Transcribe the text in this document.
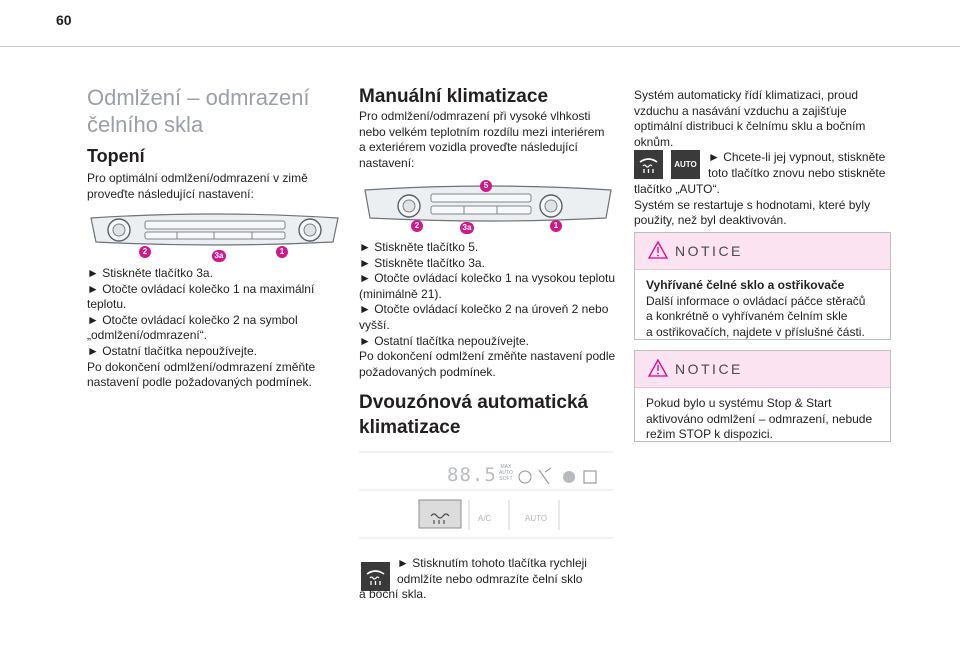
60
Odmlžení – odmrazení
čelního skla
Topení
Pro optimální odmlžení/odmrazení v zimě
proveďte následující nastavení:
2	3a	1
► Stiskněte tlačítko 3a.
► Otočte ovládací kolečko 1 na maximální
teplotu.
► Otočte ovládací kolečko 2 na symbol
„odmlžení/odmrazení“.
► Ostatní tlačítka nepoužívejte.
Po dokončení odmlžení/odmrazení změňte
nastavení podle požadovaných podmínek.
Manuální klimatizace
Pro odmlžení/odmrazení při vysoké vlhkosti
nebo velkém teplotním rozdílu mezi interiérem
a exteriérem vozidla proveďte následující
nastavení:
5
2	3a	1
► Stiskněte tlačítko 5.
► Stiskněte tlačítko 3a.
► Otočte ovládací kolečko 1 na vysokou teplotu
(minimálně 21).
► Otočte ovládací kolečko 2 na úroveň 2 nebo
vyšší.
► Ostatní tlačítka nepoužívejte.
Po dokončení odmlžení změňte nastavení podle
požadovaných podmínek.
Dvouzónová automatická
klimatizace
88.5 MAX
AUTO
SOFT
A/C	AUTO
► Stisknutím tohoto tlačítka rychleji
odmlžíte nebo odmrazíte čelní sklo
a boční skla.
Systém automaticky řídí klimatizaci, proud
vzduchu a nasávání vzduchu a zajišťuje
optimální distribuci k čelnímu sklu a bočním
oknům.
AUTO
► Chcete-li jej vypnout, stiskněte
toto tlačítko znovu nebo stiskněte
tlačítko „AUTO“.
Systém se restartuje s hodnotami, které byly
použity, než byl deaktivován.
NOTICE
Vyhřívané čelné sklo a ostřikovače
Další informace o ovládací páčce stěračů
a konkrétně o vyhřívaném čelním skle
a ostřikovačích, najdete v příslušné části.
NOTICE
Pokud bylo u systému Stop & Start
aktivováno odmlžení – odmrazení, nebude
režim STOP k dispozici.
